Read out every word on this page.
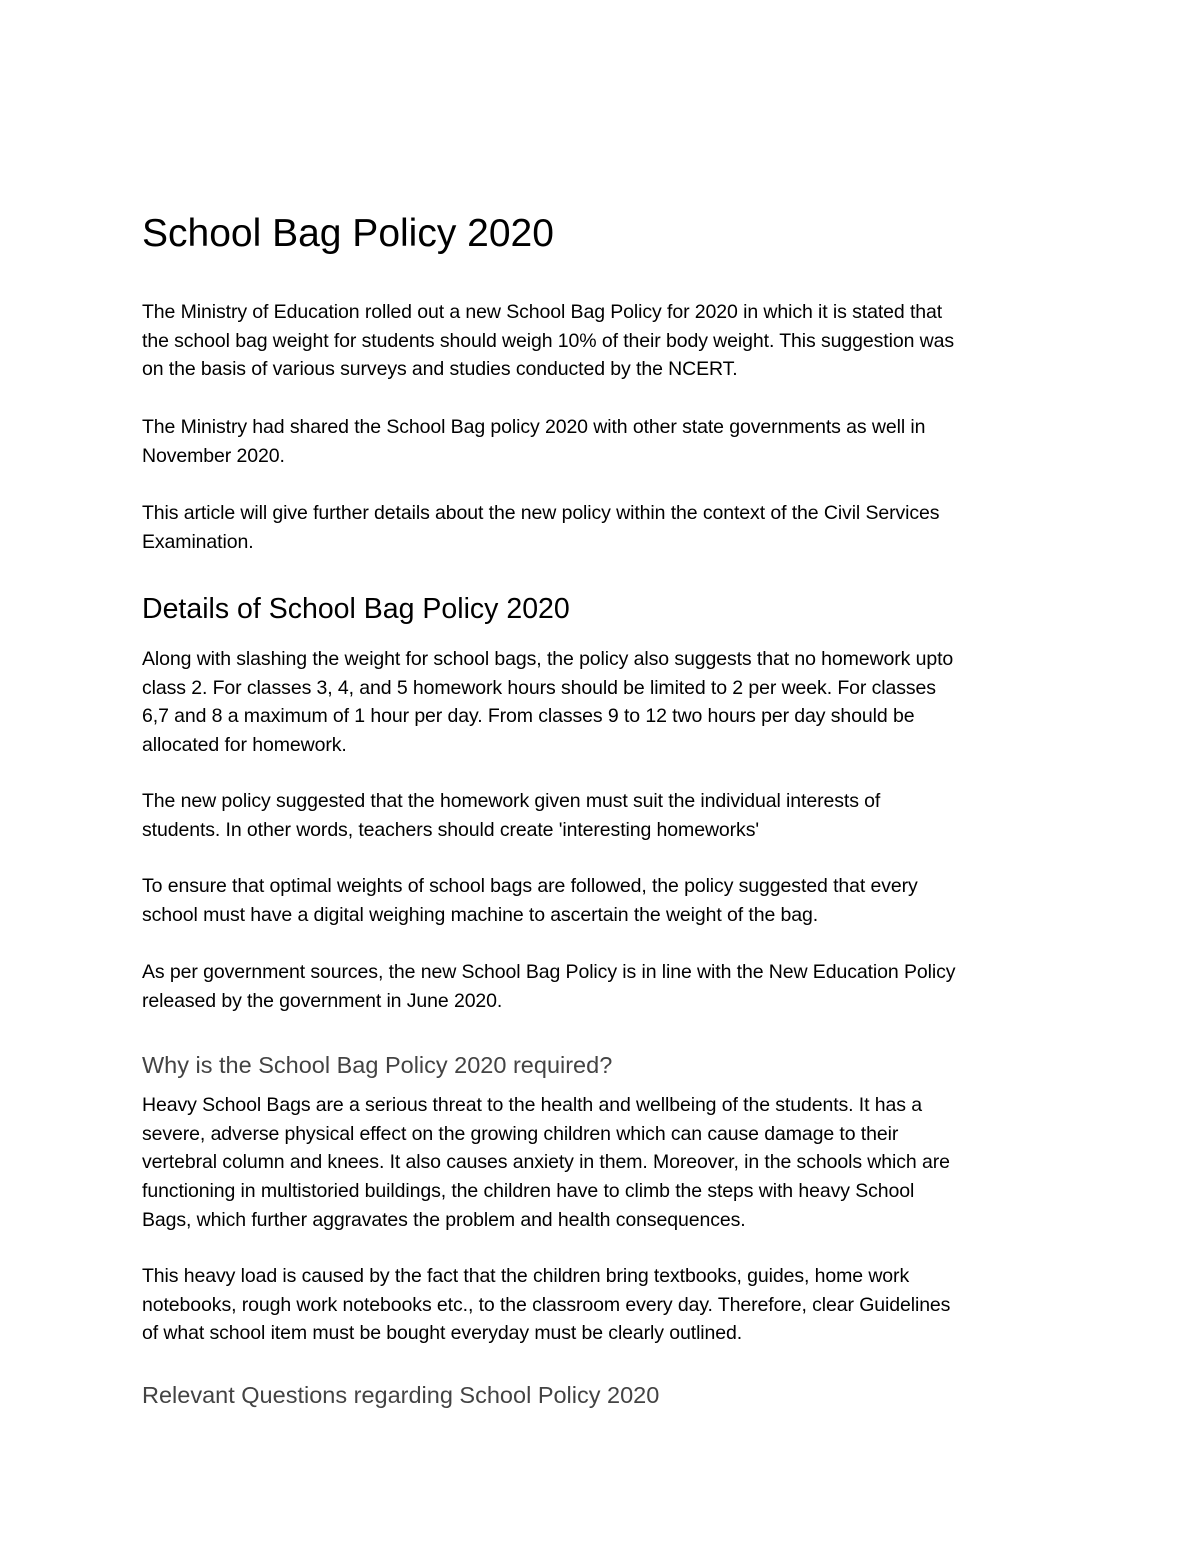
School Bag Policy 2020

The Ministry of Education rolled out a new School Bag Policy for 2020 in which it is stated that
the school bag weight for students should weigh 10% of their body weight. This suggestion was
on the basis of various surveys and studies conducted by the NCERT.

The Ministry had shared the School Bag policy 2020 with other state governments as well in
November 2020.

This article will give further details about the new policy within the context of the Civil Services
Examination.

Details of School Bag Policy 2020

Along with slashing the weight for school bags, the policy also suggests that no homework upto
class 2. For classes 3, 4, and 5 homework hours should be limited to 2 per week. For classes
6,7 and 8 a maximum of 1 hour per day. From classes 9 to 12 two hours per day should be
allocated for homework.

The new policy suggested that the homework given must suit the individual interests of
students. In other words, teachers should create 'interesting homeworks'

To ensure that optimal weights of school bags are followed, the policy suggested that every
school must have a digital weighing machine to ascertain the weight of the bag.

As per government sources, the new School Bag Policy is in line with the New Education Policy
released by the government in June 2020.

Why is the School Bag Policy 2020 required?

Heavy School Bags are a serious threat to the health and wellbeing of the students. It has a
severe, adverse physical effect on the growing children which can cause damage to their
vertebral column and knees. It also causes anxiety in them. Moreover, in the schools which are
functioning in multistoried buildings, the children have to climb the steps with heavy School
Bags, which further aggravates the problem and health consequences.

This heavy load is caused by the fact that the children bring textbooks, guides, home work
notebooks, rough work notebooks etc., to the classroom every day. Therefore, clear Guidelines
of what school item must be bought everyday must be clearly outlined.

Relevant Questions regarding School Policy 2020
